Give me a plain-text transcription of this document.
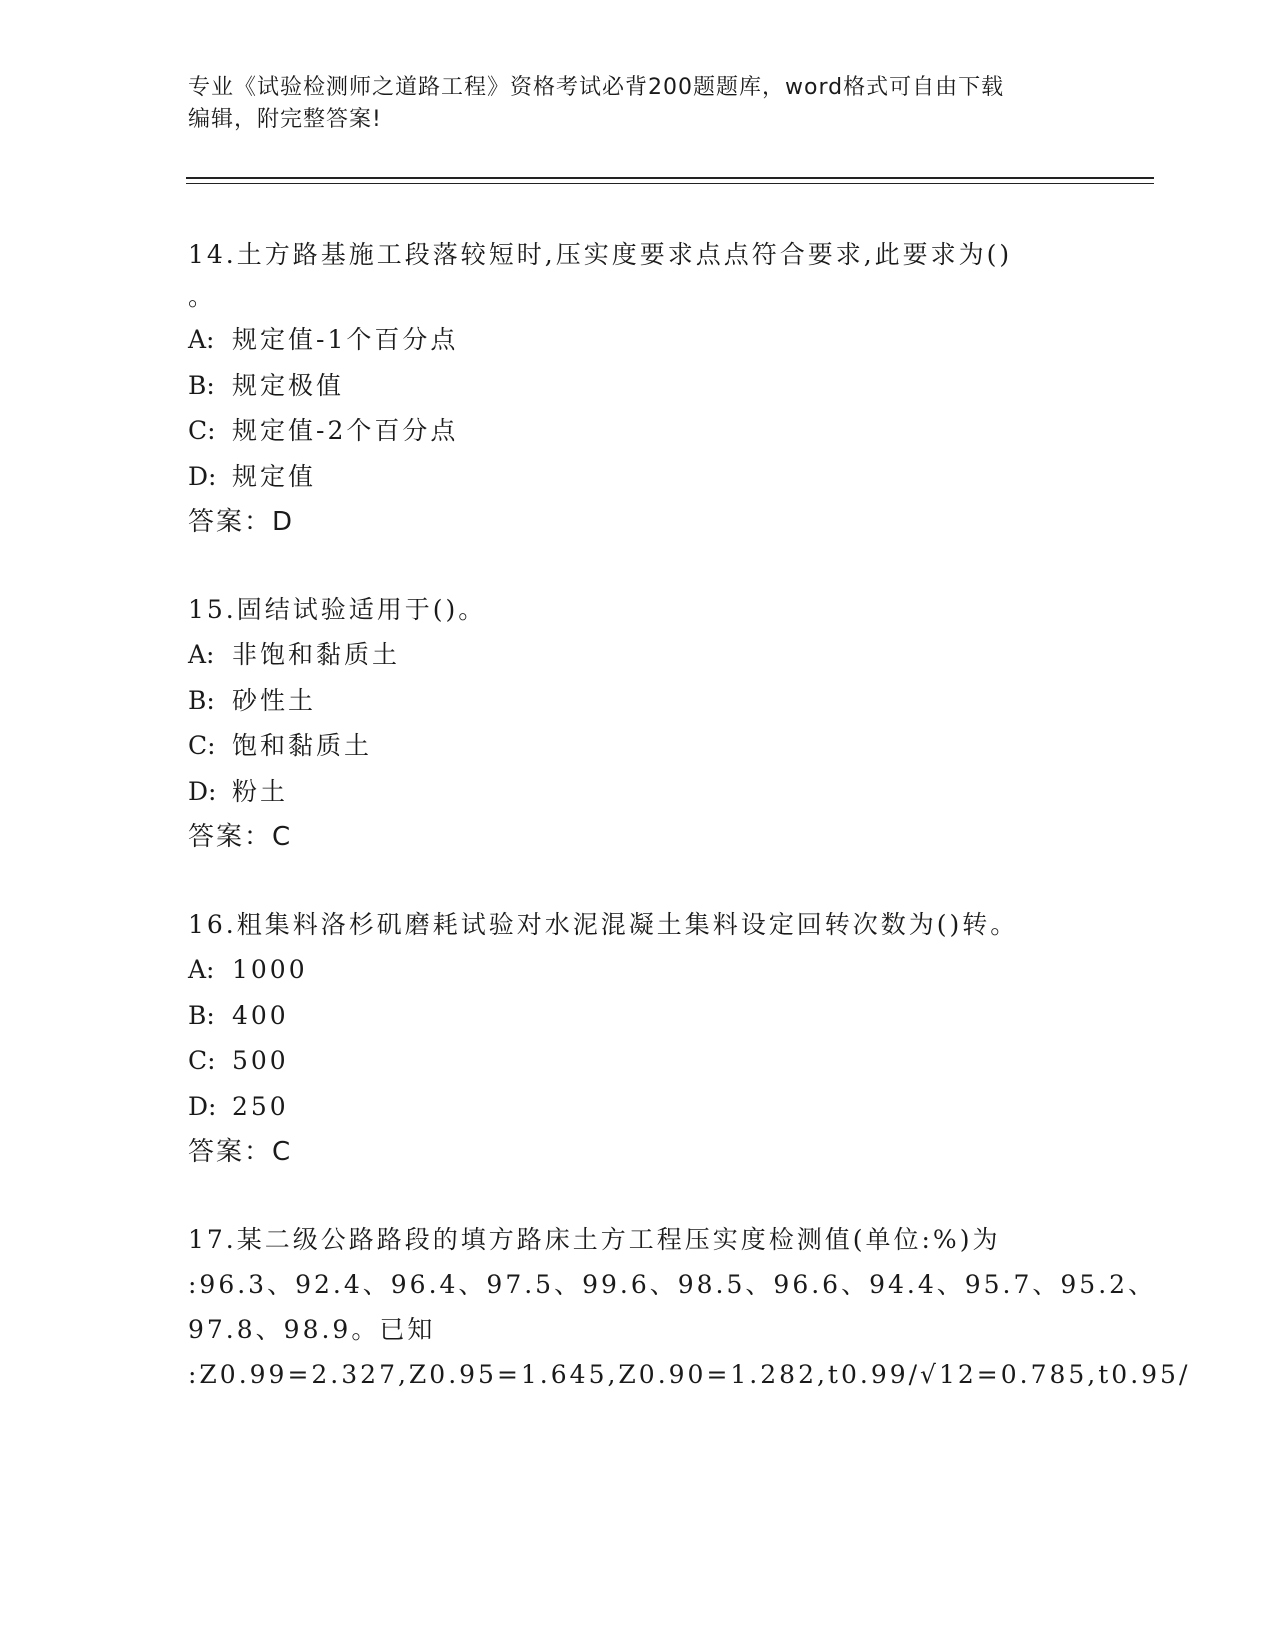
专业《试验检测师之道路工程》资格考试必背200题题库，word格式可自由下载
编辑，附完整答案!

14.土方路基施工段落较短时,压实度要求点点符合要求,此要求为()

。

A: 规定值-1个百分点

B: 规定极值

C: 规定值-2个百分点

D: 规定值

答案：D

15.固结试验适用于()。

A: 非饱和黏质土

B: 砂性土

C: 饱和黏质土

D: 粉土

答案：C

16.粗集料洛杉矶磨耗试验对水泥混凝土集料设定回转次数为()转。

A: 1000

B: 400

C: 500

D: 250

答案：C

17.某二级公路路段的填方路床土方工程压实度检测值(单位:%)为

:96.3、92.4、96.4、97.5、99.6、98.5、96.6、94.4、95.7、95.2、

97.8、98.9。已知

:Z0.99=2.327,Z0.95=1.645,Z0.90=1.282,t0.99/√12=0.785,t0.95/
